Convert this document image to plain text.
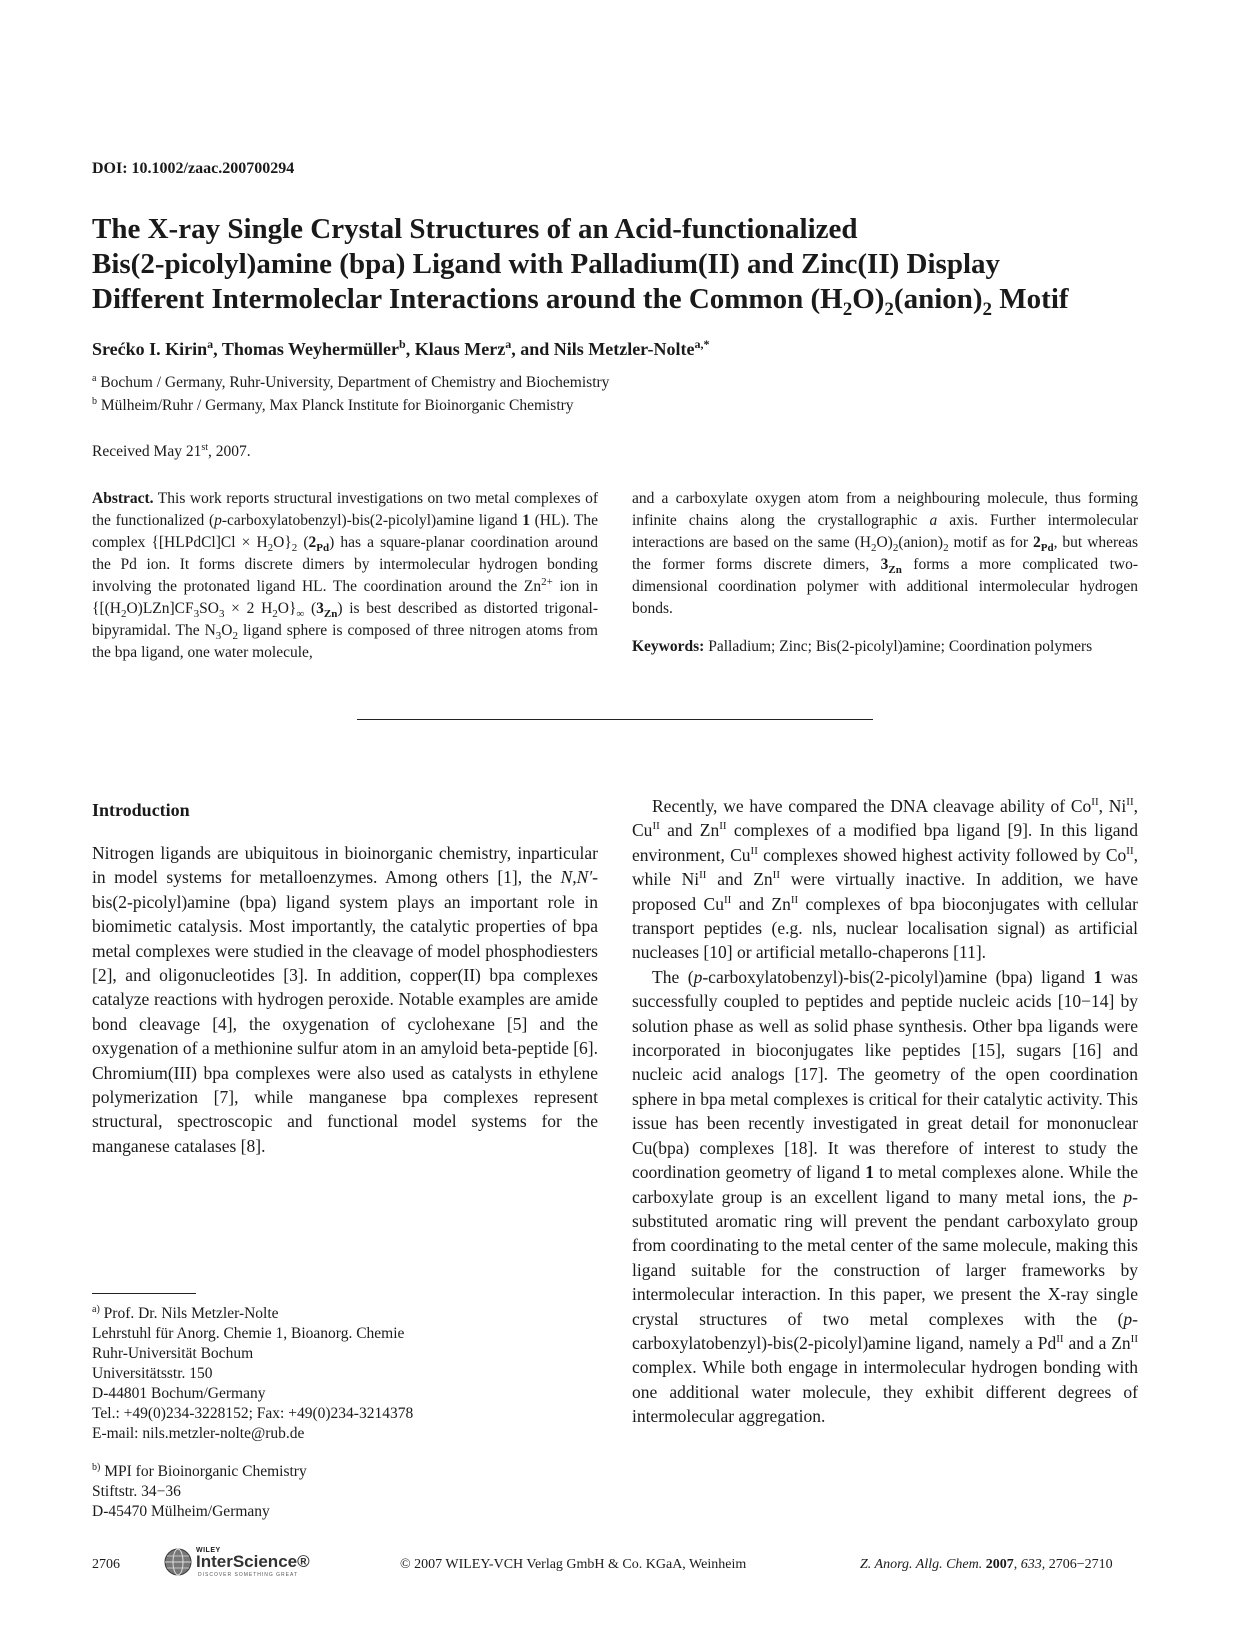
DOI: 10.1002/zaac.200700294
The X-ray Single Crystal Structures of an Acid-functionalized
Bis(2-picolyl)amine (bpa) Ligand with Palladium(II) and Zinc(II) Display
Different Intermoleclar Interactions around the Common $(H_2O)_2(anion)_2$ Motif
Srećko I. Kirin$^a$, Thomas Weyhermüller$^b$, Klaus Merz$^a$, and Nils Metzler-Nolte$^{a,*}$
$^a$ Bochum / Germany, Ruhr-University, Department of Chemistry and Biochemistry
$^b$ Mülheim/Ruhr / Germany, Max Planck Institute for Bioinorganic Chemistry
Received May 21st, 2007.
Abstract. This work reports structural investigations on two metal complexes of the functionalized (p-carboxylatobenzyl)-bis(2-picolyl)amine ligand 1 (HL). The complex {[HLPdCl]Cl × $H_2O\}_2$ $(2_{Pd})$ has a square-planar coordination around the Pd ion. It forms discrete dimers by intermolecular hydrogen bonding involving the protonated ligand HL. The coordination around the $Zn^{2+}$ ion in {$[(H_2O)LZn]CF_3SO_3 \times 2$ $H_2O\}_\infty$ $(3_{Zn})$ is best described as distorted trigonal-bipyramidal. The $N_3O_2$ ligand sphere is composed of three nitrogen atoms from the bpa ligand, one water molecule,
and a carboxylate oxygen atom from a neighbouring molecule, thus forming infinite chains along the crystallographic a axis. Further intermolecular interactions are based on the same $(H_2O)_2(anion)_2$ motif as for $2_{Pd}$, but whereas the former forms discrete dimers, $3_{Zn}$ forms a more complicated two-dimensional coordination polymer with additional intermolecular hydrogen bonds.
Keywords: Palladium; Zinc; Bis(2-picolyl)amine; Coordination polymers
Introduction

Nitrogen ligands are ubiquitous in bioinorganic chemistry, inparticular in model systems for metalloenzymes. Among others [1], the N,N′-bis(2-picolyl)amine (bpa) ligand system plays an important role in biomimetic catalysis. Most importantly, the catalytic properties of bpa metal complexes were studied in the cleavage of model phosphodiesters [2], and oligonucleotides [3]. In addition, copper(II) bpa complexes catalyze reactions with hydrogen peroxide. Notable examples are amide bond cleavage [4], the oxygenation of cyclohexane [5] and the oxygenation of a methionine sulfur atom in an amyloid beta-peptide [6]. Chromium(III) bpa complexes were also used as catalysts in ethylene polymerization [7], while manganese bpa complexes represent structural, spectroscopic and functional model systems for the manganese catalases [8].

Recently, we have compared the DNA cleavage ability of $Co^{II}$, $Ni^{II}$, $Cu^{II}$ and $Zn^{II}$ complexes of a modified bpa ligand [9]. In this ligand environment, $Cu^{II}$ complexes showed highest activity followed by $Co^{II}$, while $Ni^{II}$ and $Zn^{II}$ were virtually inactive. In addition, we have proposed $Cu^{II}$ and $Zn^{II}$ complexes of bpa bioconjugates with cellular transport peptides (e.g. nls, nuclear localisation signal) as artificial nucleases [10] or artificial metallo-chaperons [11].

The (p-carboxylatobenzyl)-bis(2-picolyl)amine (bpa) ligand 1 was successfully coupled to peptides and peptide nucleic acids [10−14] by solution phase as well as solid phase synthesis. Other bpa ligands were incorporated in bioconjugates like peptides [15], sugars [16] and nucleic acid analogs [17]. The geometry of the open coordination sphere in bpa metal complexes is critical for their catalytic activity. This issue has been recently investigated in great detail for mononuclear Cu(bpa) complexes [18]. It was therefore of interest to study the coordination geometry of ligand 1 to metal complexes alone. While the carboxylate group is an excellent ligand to many metal ions, the p-substituted aromatic ring will prevent the pendant carboxylato group from coordinating to the metal center of the same molecule, making this ligand suitable for the construction of larger frameworks by intermolecular interaction. In this paper, we present the X-ray single crystal structures of two metal complexes with the (p-carboxylatobenzyl)-bis(2-picolyl)amine ligand, namely a $Pd^{II}$ and a $Zn^{II}$ complex. While both engage in intermolecular hydrogen bonding with one additional water molecule, they exhibit different degrees of intermolecular aggregation.

$^{a)}$ Prof. Dr. Nils Metzler-Nolte
Lehrstuhl für Anorg. Chemie 1, Bioanorg. Chemie
Ruhr-Universität Bochum
Universitätsstr. 150
D-44801 Bochum/Germany
Tel.: +49(0)234-3228152; Fax: +49(0)234-3214378
E-mail: nils.metzler-nolte@rub.de
$^{b)}$ MPI for Bioinorganic Chemistry
Stiftstr. 34−36
D-45470 Mülheim/Germany
2706
WILEY
InterScience®
DISCOVER SOMETHING GREAT
© 2007 WILEY-VCH Verlag GmbH & Co. KGaA, Weinheim	Z. Anorg. Allg. Chem. 2007, 633, 2706−2710
